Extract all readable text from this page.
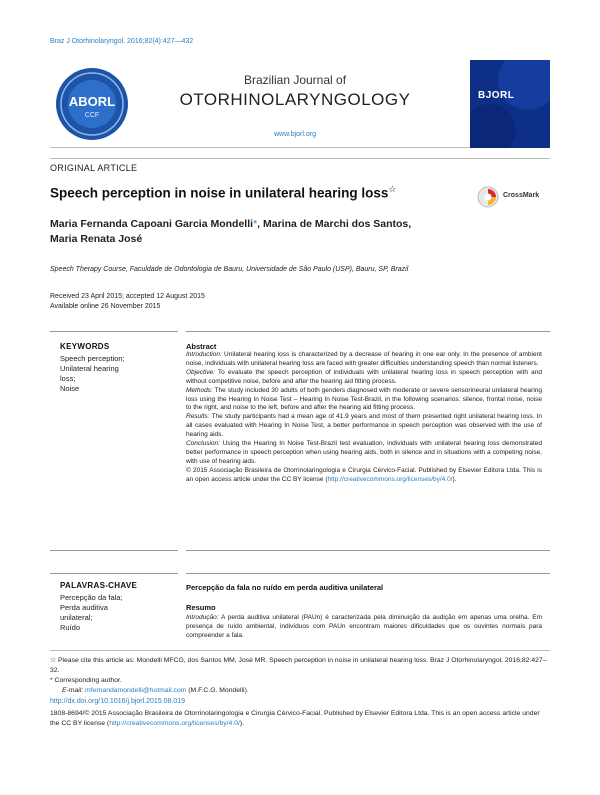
Braz J Otorhinolaryngol. 2016;82(4):427—432
ABORL
CCF
Brazilian Journal of
OTORHINOLARYNGOLOGY
www.bjorl.org
BJORL
ORIGINAL ARTICLE
Speech perception in noise in unilateral hearing loss☆
CrossMark
Maria Fernanda Capoani Garcia Mondelli*, Marina de Marchi dos Santos,
Maria Renata José
Speech Therapy Course, Faculdade de Odontologia de Bauru, Universidade de São Paulo (USP), Bauru, SP, Brazil
Received 23 April 2015; accepted 12 August 2015
Available online 26 November 2015
KEYWORDS
Speech perception;
Unilateral hearing
loss;
Noise
Abstract

Introduction: Unilateral hearing loss is characterized by a decrease of hearing in one ear only. In the presence of ambient noise, individuals with unilateral hearing loss are faced with greater difficulties understanding speech than normal listeners.

Objective: To evaluate the speech perception of individuals with unilateral hearing loss in speech perception with and without competitive noise, before and after the hearing aid fitting process.

Methods: The study included 30 adults of both genders diagnosed with moderate or severe sensorineural unilateral hearing loss using the Hearing In Noise Test – Hearing In Noise Test-Brazil, in the following scenarios: silence, frontal noise, noise to the right, and noise to the left, before and after the hearing aid fitting process.

Results: The study participants had a mean age of 41.9 years and most of them presented right unilateral hearing loss. In all cases evaluated with Hearing In Noise Test, a better performance in speech perception was observed with the use of hearing aids.

Conclusion: Using the Hearing In Noise Test-Brazil test evaluation, individuals with unilateral hearing loss demonstrated better performance in speech perception when using hearing aids, both in silence and in situations with a competing noise, with use of hearing aids.

© 2015 Associação Brasileira de Otorrinolaringologia e Cirurgia Cérvico-Facial. Published by Elsevier Editora Ltda. This is an open access article under the CC BY license (http://creativecommons.org/licenses/by/4.0/).

PALAVRAS-CHAVE
Percepção da fala;
Perda auditiva
unilateral;
Ruído
Percepção da fala no ruído em perda auditiva unilateral
Resumo
Introdução: A perda auditiva unilateral (PAUn) é caracterizada pela diminuição da audição em apenas uma orelha. Em presença de ruído ambiental, indivíduos com PAUn encontram maiores dificuldades que os ouvintes normais para compreender a fala.
☆ Please cite this article as: Mondelli MFCG, dos Santos MM, José MR. Speech perception in noise in unilateral hearing loss. Braz J Otorhinolaryngol. 2016;82:427–32.
* Corresponding author.
E-mail: mfernandamondelli@hotmail.com (M.F.C.G. Mondelli).
http://dx.doi.org/10.1016/j.bjorl.2015.08.019
1808-8694/© 2015 Associação Brasileira de Otorrinolaringologia e Cirurgia Cérvico-Facial. Published by Elsevier Editora Ltda. This is an open access article under the CC BY license (http://creativecommons.org/licenses/by/4.0/).
